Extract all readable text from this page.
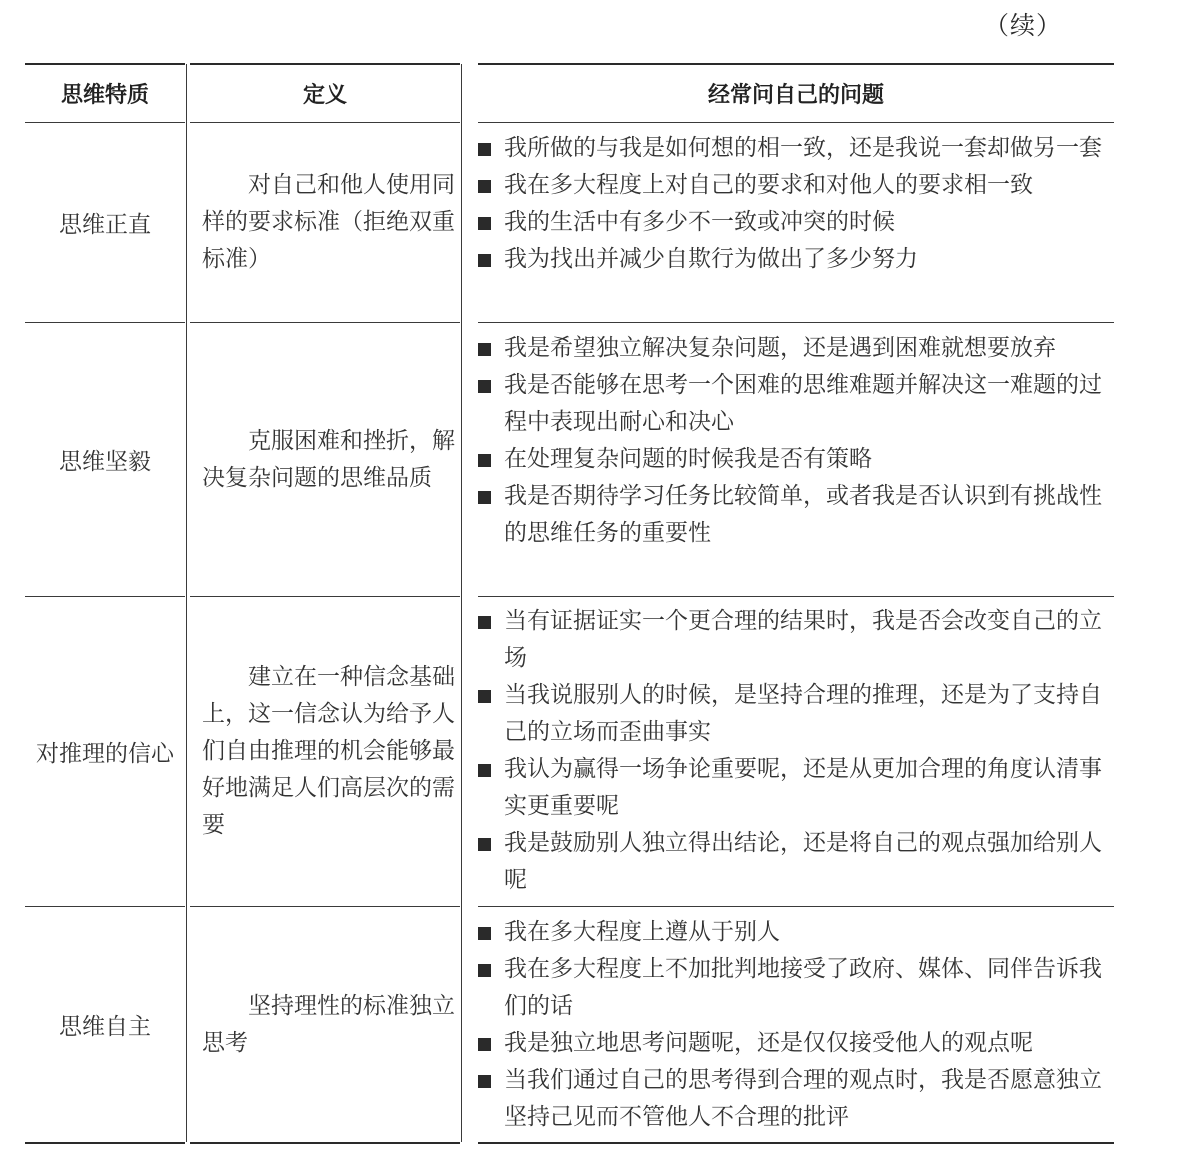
（续）
思维特质	定义	经常问自己的问题
思维正直
对自己和他人使用同样的要求标准（拒绝双重标准）
我所做的与我是如何想的相一致，还是我说一套却做另一套
我在多大程度上对自己的要求和对他人的要求相一致
我的生活中有多少不一致或冲突的时候
我为找出并减少自欺行为做出了多少努力
思维坚毅
克服困难和挫折，解决复杂问题的思维品质
我是希望独立解决复杂问题，还是遇到困难就想要放弃
我是否能够在思考一个困难的思维难题并解决这一难题的过程中表现出耐心和决心
在处理复杂问题的时候我是否有策略
我是否期待学习任务比较简单，或者我是否认识到有挑战性的思维任务的重要性
对推理的信心
建立在一种信念基础上，这一信念认为给予人们自由推理的机会能够最好地满足人们高层次的需要
当有证据证实一个更合理的结果时，我是否会改变自己的立场
当我说服别人的时候，是坚持合理的推理，还是为了支持自己的立场而歪曲事实
我认为赢得一场争论重要呢，还是从更加合理的角度认清事实更重要呢
我是鼓励别人独立得出结论，还是将自己的观点强加给别人呢
思维自主
坚持理性的标准独立思考
我在多大程度上遵从于别人
我在多大程度上不加批判地接受了政府、媒体、同伴告诉我们的话
我是独立地思考问题呢，还是仅仅接受他人的观点呢
当我们通过自己的思考得到合理的观点时，我是否愿意独立坚持己见而不管他人不合理的批评
